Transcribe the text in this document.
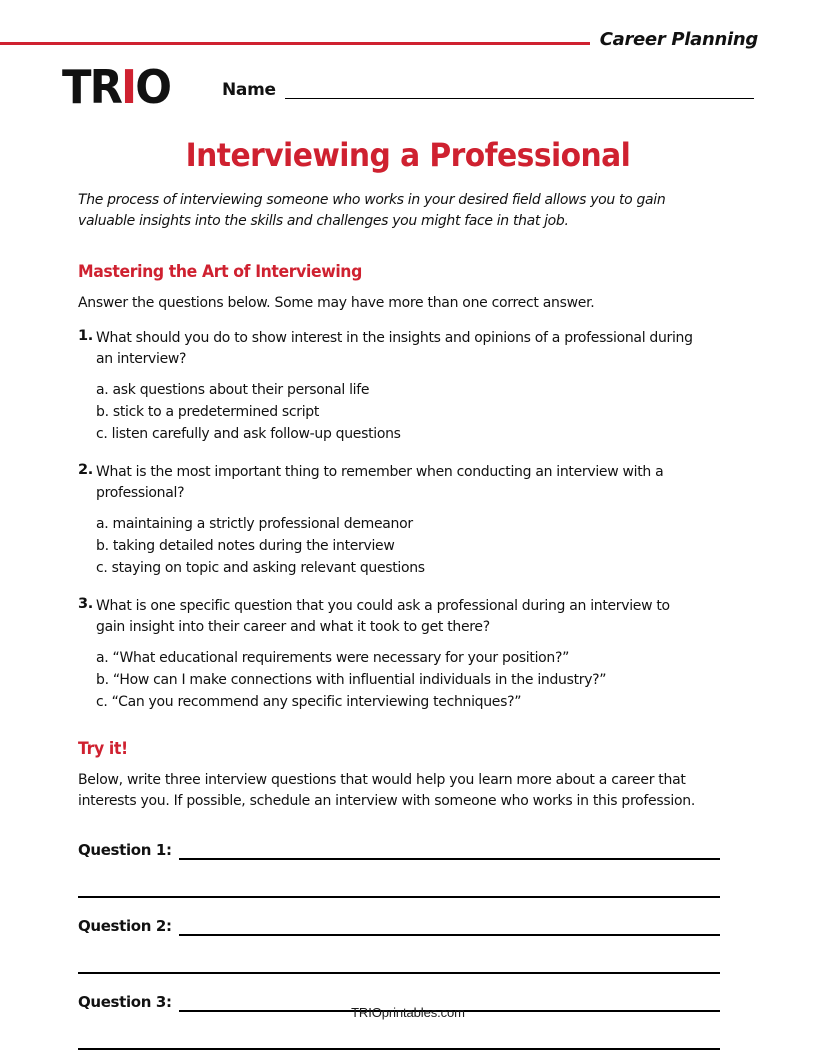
Career Planning
TR I O	Name
Interviewing a Professional

The process of interviewing someone who works in your desired field allows you to gain valuable insights into the skills and challenges you might face in that job.

Mastering the Art of Interviewing

Answer the questions below. Some may have more than one correct answer.

1. What should you do to show interest in the insights and opinions of a professional during an interview?

a. ask questions about their personal life
b. stick to a predetermined script
c. listen carefully and ask follow-up questions
2. What is the most important thing to remember when conducting an interview with a professional?

a. maintaining a strictly professional demeanor
b. taking detailed notes during the interview
c. staying on topic and asking relevant questions
3. What is one specific question that you could ask a professional during an interview to gain insight into their career and what it took to get there?

a. “What educational requirements were necessary for your position?”
b. “How can I make connections with influential individuals in the industry?”
c. “Can you recommend any specific interviewing techniques?”
Try it!

Below, write three interview questions that would help you learn more about a career that interests you. If possible, schedule an interview with someone who works in this profession.

Question 1:
Question 2:
Question 3:
TRIOprintables.com
